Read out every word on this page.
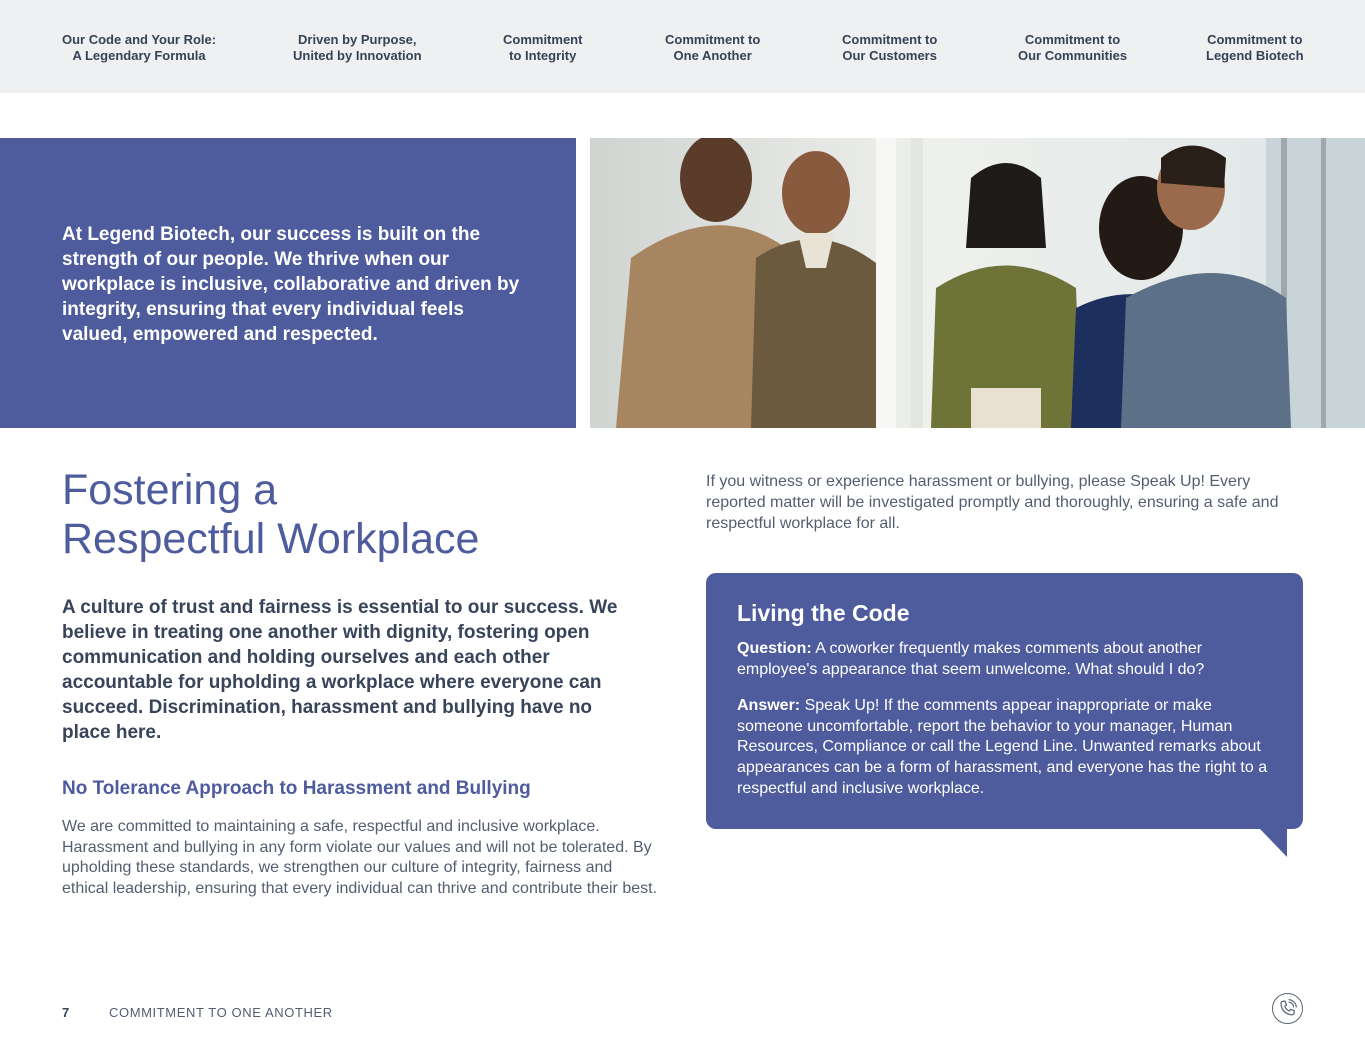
Our Code and Your Role:
A Legendary Formula
Driven by Purpose,
United by Innovation
Commitment
to Integrity
Commitment to
One Another
Commitment to
Our Customers
Commitment to
Our Communities
Commitment to
Legend Biotech

At Legend Biotech, our success is built on the strength of our people. We thrive when our workplace is inclusive, collaborative and driven by integrity, ensuring that every individual feels valued, empowered and respected.

Fostering a
Respectful Workplace

A culture of trust and fairness is essential to our success. We believe in treating one another with dignity, fostering open communication and holding ourselves and each other accountable for upholding a workplace where everyone can succeed. Discrimination, harassment and bullying have no place here.

No Tolerance Approach to Harassment and Bullying

We are committed to maintaining a safe, respectful and inclusive workplace. Harassment and bullying in any form violate our values and will not be tolerated. By upholding these standards, we strengthen our culture of integrity, fairness and ethical leadership, ensuring that every individual can thrive and contribute their best.

If you witness or experience harassment or bullying, please Speak Up! Every reported matter will be investigated promptly and thoroughly, ensuring a safe and respectful workplace for all.

Living the Code

Question: A coworker frequently makes comments about another employee's appearance that seem unwelcome. What should I do?

Answer: Speak Up! If the comments appear inappropriate or make someone uncomfortable, report the behavior to your manager, Human Resources, Compliance or call the Legend Line. Unwanted remarks about appearances can be a form of harassment, and everyone has the right to a respectful and inclusive workplace.

7	COMMITMENT TO ONE ANOTHER
